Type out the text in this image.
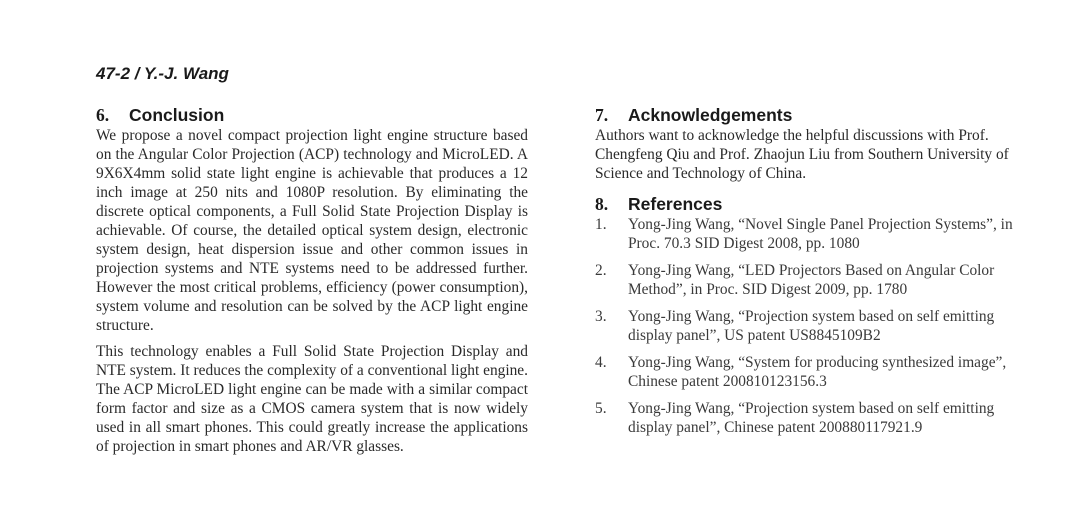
47-2 / Y.-J. Wang
6. Conclusion

We propose a novel compact projection light engine structure based on the Angular Color Projection (ACP) technology and MicroLED. A 9X6X4mm solid state light engine is achievable that produces a 12 inch image at 250 nits and 1080P resolution. By eliminating the discrete optical components, a Full Solid State Projection Display is achievable. Of course, the detailed optical system design, electronic system design, heat dispersion issue and other common issues in projection systems and NTE systems need to be addressed further. However the most critical problems, efficiency (power consumption), system volume and resolution can be solved by the ACP light engine structure.

This technology enables a Full Solid State Projection Display and NTE system. It reduces the complexity of a conventional light engine. The ACP MicroLED light engine can be made with a similar compact form factor and size as a CMOS camera system that is now widely used in all smart phones. This could greatly increase the applications of projection in smart phones and AR/VR glasses.

7. Acknowledgements

Authors want to acknowledge the helpful discussions with Prof. Chengfeng Qiu and Prof. Zhaojun Liu from Southern University of Science and Technology of China.

8. References
1.	Yong-Jing Wang, “Novel Single Panel Projection Systems”, in Proc. 70.3 SID Digest 2008, pp. 1080
2.	Yong-Jing Wang, “LED Projectors Based on Angular Color Method”, in Proc. SID Digest 2009, pp. 1780
3.	Yong-Jing Wang, “Projection system based on self emitting display panel”, US patent US8845109B2
4.	Yong-Jing Wang, “System for producing synthesized image”, Chinese patent 200810123156.3
5.	Yong-Jing Wang, “Projection system based on self emitting display panel”, Chinese patent 200880117921.9
